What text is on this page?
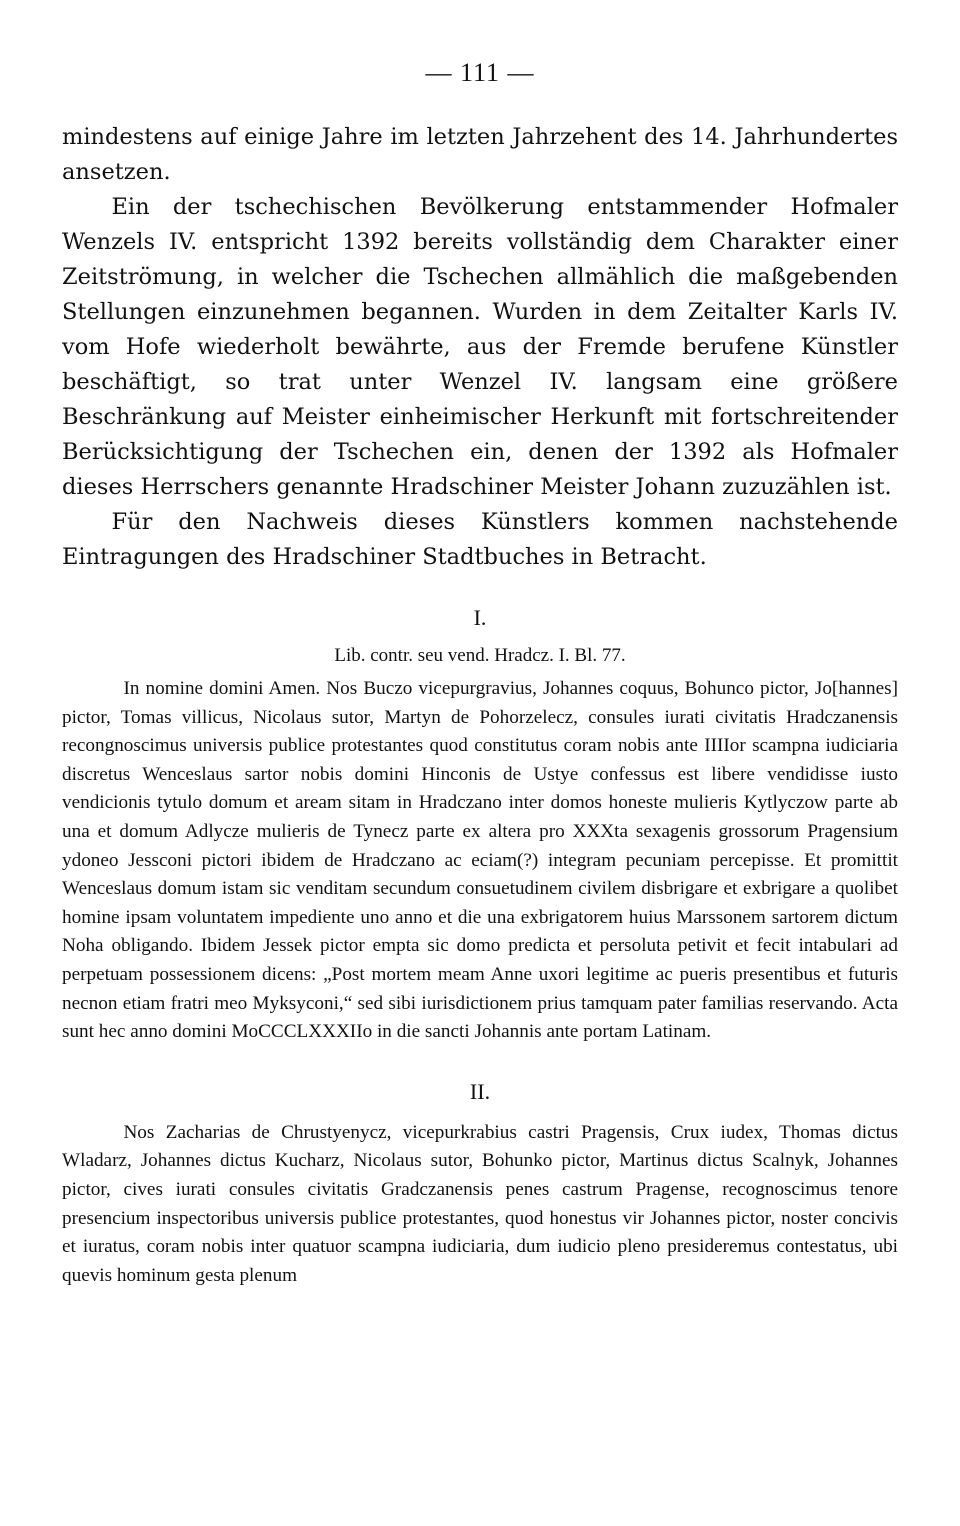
— 111 —

mindestens auf einige Jahre im letzten Jahrzehent des 14. Jahrhundertes ansetzen.

Ein der tschechischen Bevölkerung entstammender Hofmaler Wenzels IV. entspricht 1392 bereits vollständig dem Charakter einer Zeitströmung, in welcher die Tschechen allmählich die maßgebenden Stellungen einzunehmen begannen. Wurden in dem Zeitalter Karls IV. vom Hofe wiederholt bewährte, aus der Fremde berufene Künstler beschäftigt, so trat unter Wenzel IV. langsam eine größere Beschränkung auf Meister einheimischer Herkunft mit fortschreitender Berücksichtigung der Tschechen ein, denen der 1392 als Hofmaler dieses Herrschers genannte Hradschiner Meister Johann zuzuzählen ist.

Für den Nachweis dieses Künstlers kommen nachstehende Eintragungen des Hradschiner Stadtbuches in Betracht.

I.
Lib. contr. seu vend. Hradcz. I. Bl. 77.

In nomine domini Amen. Nos Buczo vicepurgravius, Johannes coquus, Bohunco pictor, Jo[hannes] pictor, Tomas villicus, Nicolaus sutor, Martyn de Pohorzelecz, consules iurati civitatis Hradczanensis recongnoscimus universis publice protestantes quod constitutus coram nobis ante IIIIor scampna iudiciaria discretus Wenceslaus sartor nobis domini Hinconis de Ustye confessus est libere vendidisse iusto vendicionis tytulo domum et aream sitam in Hradczano inter domos honeste mulieris Kytlyczow parte ab una et domum Adlycze mulieris de Tynecz parte ex altera pro XXXta sexagenis grossorum Pragensium ydoneo Jessconi pictori ibidem de Hradczano ac eciam(?) integram pecuniam percepisse. Et promittit Wenceslaus domum istam sic venditam secundum consuetudinem civilem disbrigare et exbrigare a quolibet homine ipsam voluntatem impediente uno anno et die una exbrigatorem huius Marssonem sartorem dictum Noha obligando. Ibidem Jessek pictor empta sic domo predicta et persoluta petivit et fecit intabulari ad perpetuam possessionem dicens: „Post mortem meam Anne uxori legitime ac pueris presentibus et futuris necnon etiam fratri meo Myksyconi,“ sed sibi iurisdictionem prius tamquam pater familias reservando. Acta sunt hec anno domini MoCCCLXXXIIo in die sancti Johannis ante portam Latinam.

II.

Nos Zacharias de Chrustyenycz, vicepurkrabius castri Pragensis, Crux iudex, Thomas dictus Wladarz, Johannes dictus Kucharz, Nicolaus sutor, Bohunko pictor, Martinus dictus Scalnyk, Johannes pictor, cives iurati consules civitatis Gradczanensis penes castrum Pragense, recognoscimus tenore presencium inspectoribus universis publice protestantes, quod honestus vir Johannes pictor, noster concivis et iuratus, coram nobis inter quatuor scampna iudiciaria, dum iudicio pleno presideremus contestatus, ubi quevis hominum gesta plenum
